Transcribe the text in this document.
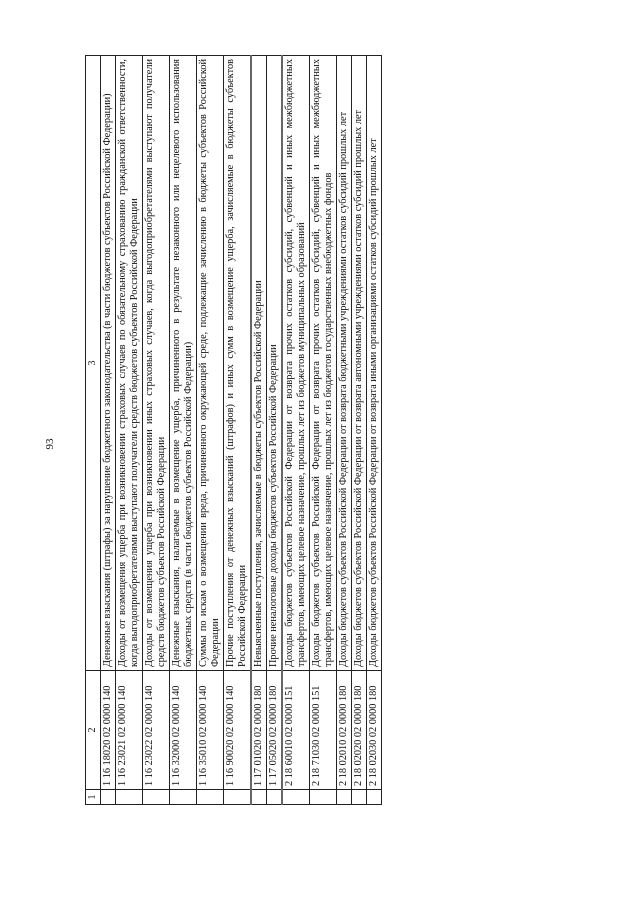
93
1	2	3
	1 16 18020 02 0000 140	Денежные взыскания (штрафы) за нарушение бюджетного законодательства (в части бюджетов субъектов Российской Федерации)
	1 16 23021 02 0000 140	Доходы от возмещения ущерба при возникновении страховых случаев по обязательному страхованию гражданской ответственности, когда выгодоприобретателями выступают получатели средств бюджетов субъектов Российской Федерации
	1 16 23022 02 0000 140	Доходы от возмещения ущерба при возникновении иных страховых случаев, когда выгодоприобретателями выступают получатели средств бюджетов субъектов Российской Федерации
	1 16 32000 02 0000 140	Денежные взыскания, налагаемые в возмещение ущерба, причиненного в результате незаконного или нецелевого использования бюджетных средств (в части бюджетов субъектов Российской Федерации)
	1 16 35010 02 0000 140	Суммы по искам о возмещении вреда, причиненного окружающей среде, подлежащие зачислению в бюджеты субъектов Российской Федерации
	1 16 90020 02 0000 140	Прочие поступления от денежных взысканий (штрафов) и иных сумм в возмещение ущерба, зачисляемые в бюджеты субъектов Российской Федерации
	1 17 01020 02 0000 180	Невыясненные поступления, зачисляемые в бюджеты субъектов Российской Федерации
	1 17 05020 02 0000 180	Прочие неналоговые доходы бюджетов субъектов Российской Федерации
	2 18 60010 02 0000 151	Доходы бюджетов субъектов Российской Федерации от возврата прочих остатков субсидий, субвенций и иных межбюджетных трансфертов, имеющих целевое назначение, прошлых лет из бюджетов муниципальных образований
	2 18 71030 02 0000 151	Доходы бюджетов субъектов Российской Федерации от возврата прочих остатков субсидий, субвенций и иных межбюджетных трансфертов, имеющих целевое назначение, прошлых лет из бюджетов государственных внебюджетных фондов
	2 18 02010 02 0000 180	Доходы бюджетов субъектов Российской Федерации от возврата бюджетными учреждениями остатков субсидий прошлых лет
	2 18 02020 02 0000 180	Доходы бюджетов субъектов Российской Федерации от возврата автономными учреждениями остатков субсидий прошлых лет
	2 18 02030 02 0000 180	Доходы бюджетов субъектов Российской Федерации от возврата иными организациями остатков субсидий прошлых лет
